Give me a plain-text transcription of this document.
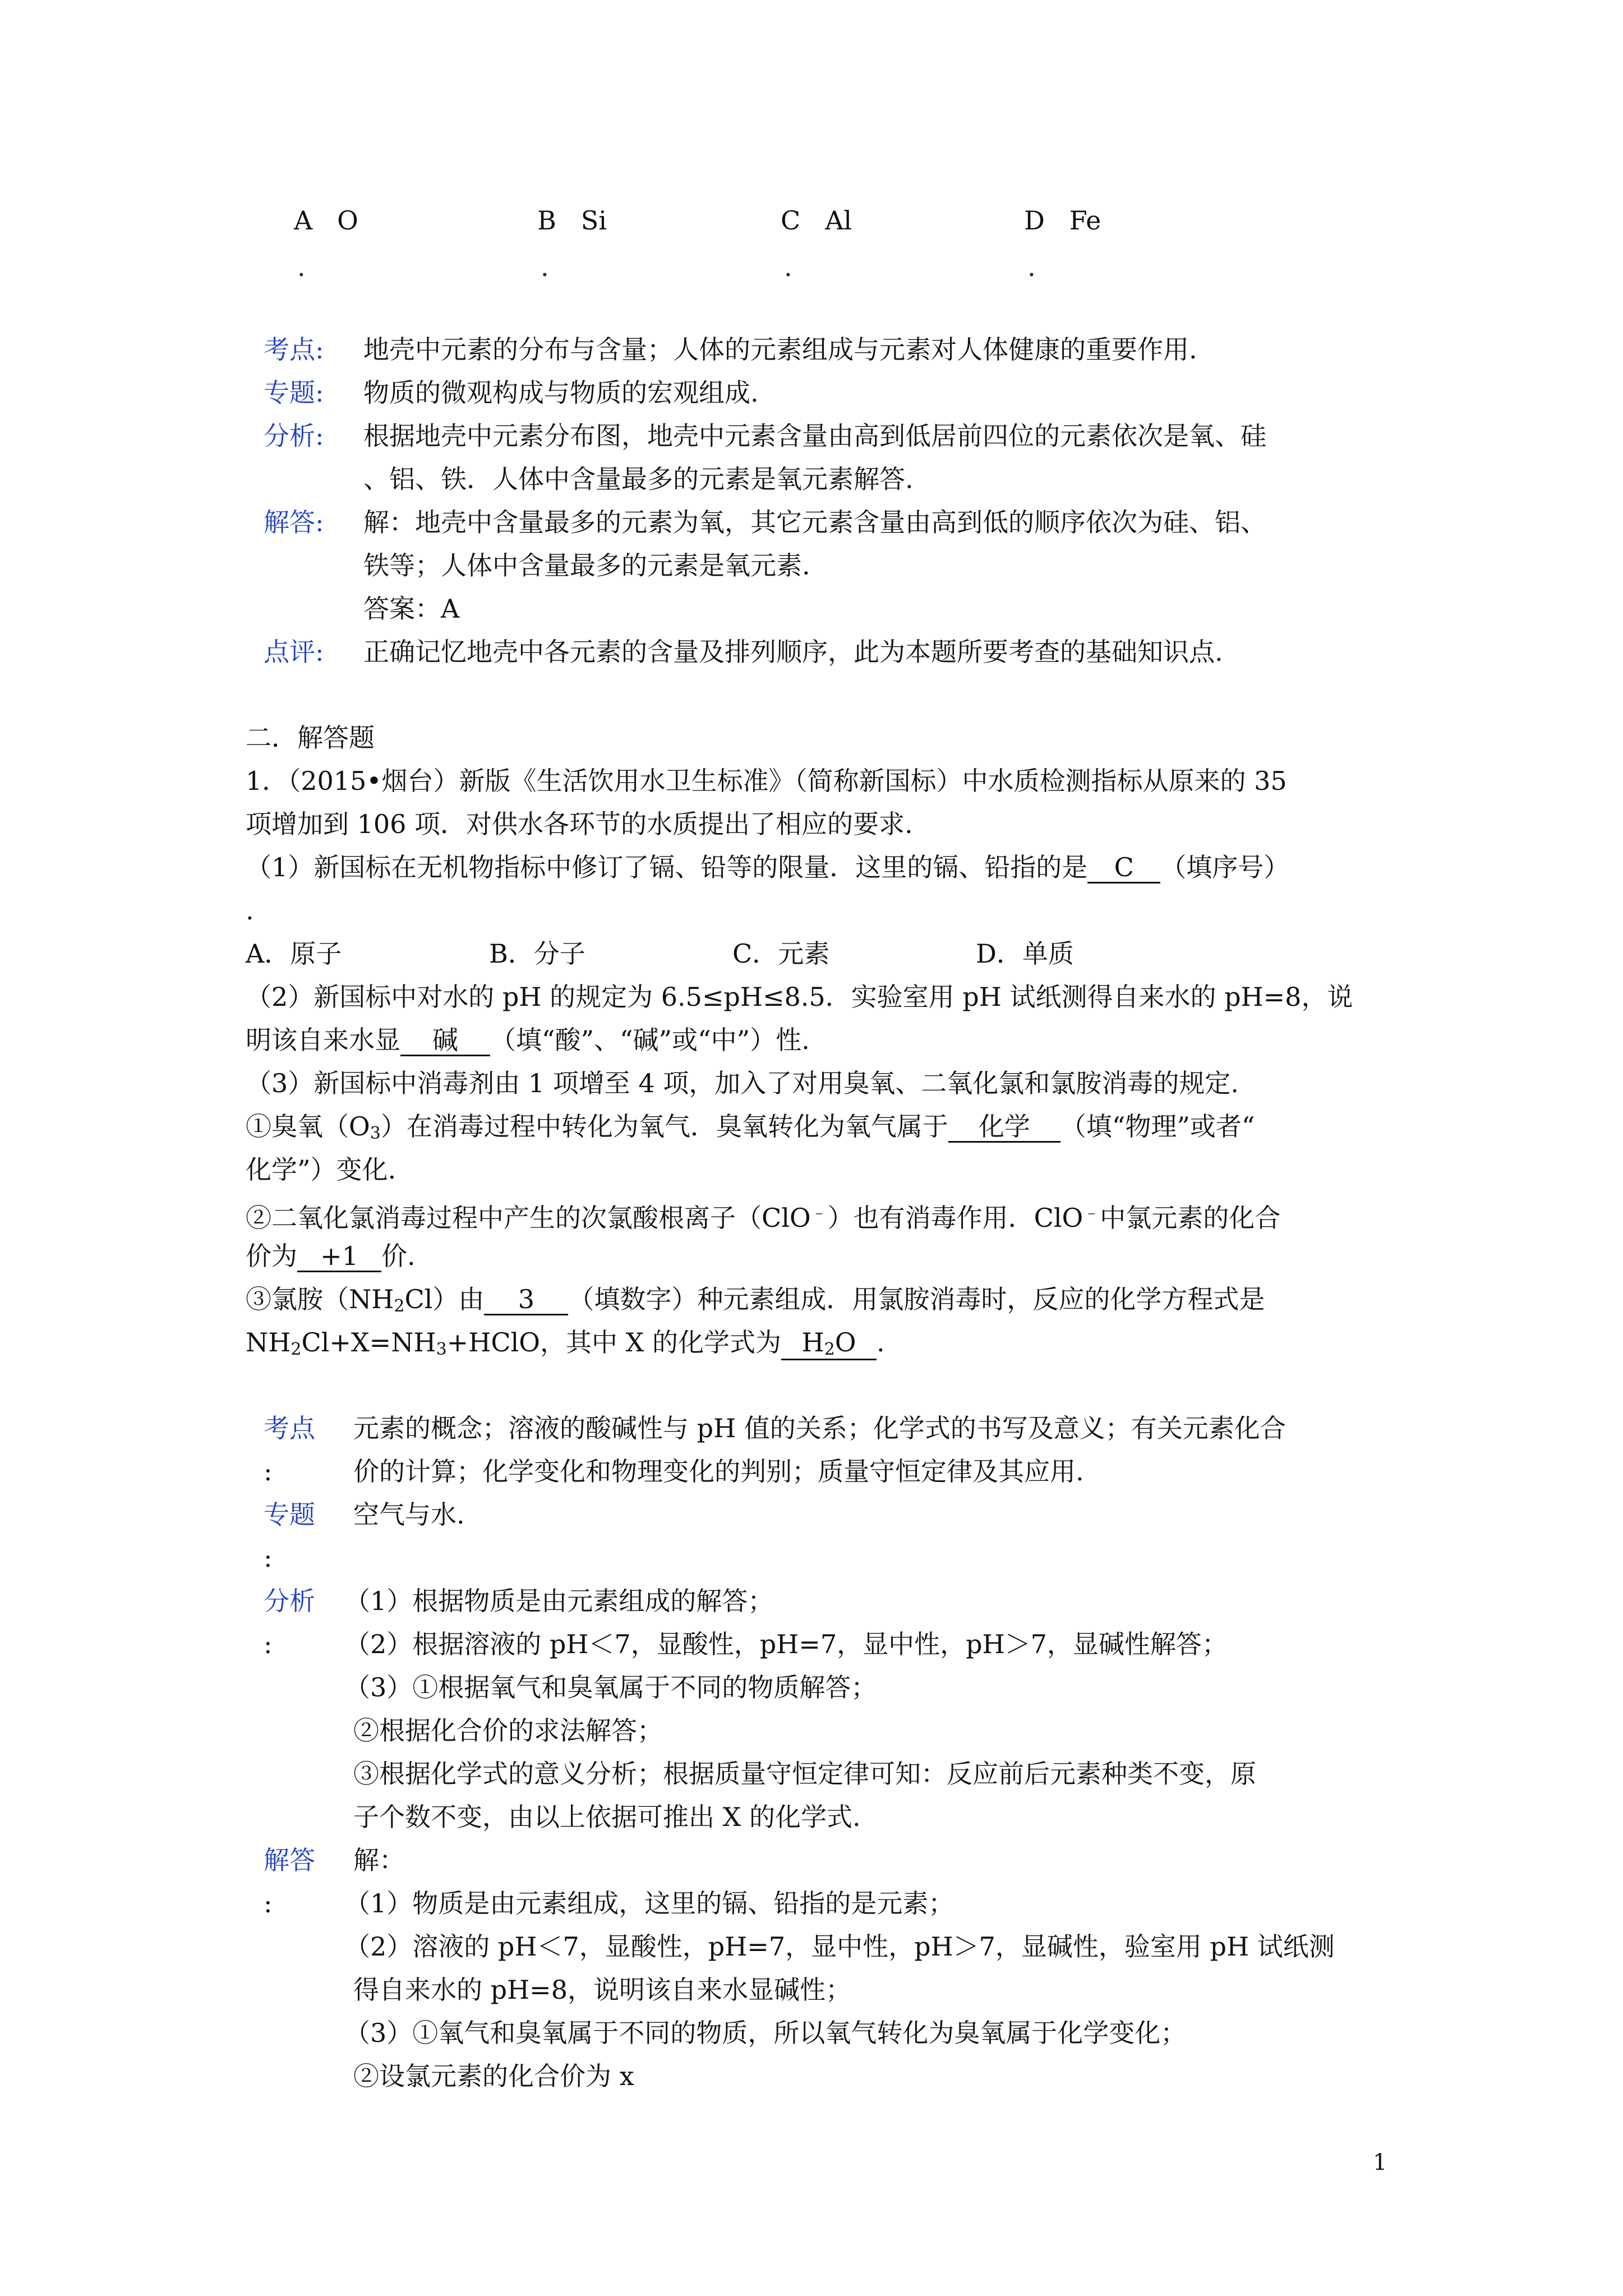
A O
.
B Si
.
C Al
.
D Fe
.
考点: 地壳中元素的分布与含量；人体的元素组成与元素对人体健康的重要作用.
专题: 物质的微观构成与物质的宏观组成.
分析: 根据地壳中元素分布图，地壳中元素含量由高到低居前四位的元素依次是氧、硅
、铝、铁．人体中含量最多的元素是氧元素解答.
解答: 解：地壳中含量最多的元素为氧，其它元素含量由高到低的顺序依次为硅、铝、
铁等；人体中含量最多的元素是氧元素.
答案：A
点评: 正确记忆地壳中各元素的含量及排列顺序，此为本题所要考查的基础知识点.
二．解答题
1．（2015•烟台）新版《生活饮用水卫生标准》（简称新国标）中水质检测指标从原来的 35
项增加到 106 项．对供水各环节的水质提出了相应的要求.
（1）新国标在无机物指标中修订了镉、铅等的限量．这里的镉、铅指的是 C （填序号）
.
A．原子	B．分子	C．元素	D．单质
（2）新国标中对水的 pH 的规定为 6.5≤pH≤8.5．实验室用 pH 试纸测得自来水的 pH=8，说
明该自来水显 碱 （填“酸”、“碱”或“中”）性.
（3）新国标中消毒剂由 1 项增至 4 项，加入了对用臭氧、二氧化氯和氯胺消毒的规定.
①臭氧$(O_3)$在消毒过程中转化为氧气．臭氧转化为氧气属于 化学 （填“物理”或者“
化学”）变化.
②二氧化氯消毒过程中产生的次氯酸根离子（ClO﹣）也有消毒作用．ClO﹣中氯元素的化合
价为 +1 价.
③氯胺$(NH_2Cl)$由 3 （填数字）种元素组成．用氯胺消毒时，反应的化学方程式是
$NH_2Cl+X=NH_3+HClO$，其中 X 的化学式为 $H_2O$ .
考点
:
元素的概念；溶液的酸碱性与 pH 值的关系；化学式的书写及意义；有关元素化合
价的计算；化学变化和物理变化的判别；质量守恒定律及其应用.
专题
:
空气与水.
分析
:
（1）根据物质是由元素组成的解答；
（2）根据溶液的 pH＜7，显酸性，pH=7，显中性，pH＞7，显碱性解答；
（3）①根据氧气和臭氧属于不同的物质解答；
②根据化合价的求法解答；
③根据化学式的意义分析；根据质量守恒定律可知：反应前后元素种类不变，原
子个数不变，由以上依据可推出 X 的化学式.
解答
:
解：
（1）物质是由元素组成，这里的镉、铅指的是元素；
（2）溶液的 pH＜7，显酸性，pH=7，显中性，pH＞7，显碱性，验室用 pH 试纸测
得自来水的 pH=8，说明该自来水显碱性；
（3）①氧气和臭氧属于不同的物质，所以氧气转化为臭氧属于化学变化；
②设氯元素的化合价为 x
1
